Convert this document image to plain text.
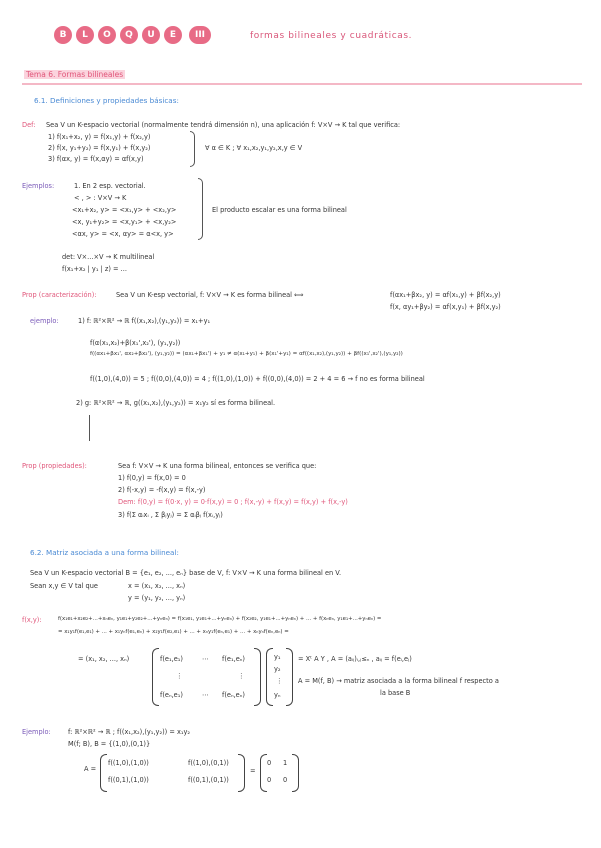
B	L	O	Q	U	E	III	formas bilineales y cuadráticas.
Tema 6. Formas bilineales
6.1. Definiciones y propiedades básicas:
Def: Sea V un K-espacio vectorial (normalmente tendrá dimensión n), una aplicación f: V×V → K tal que verifica:
1) f(x₁+x₂, y) = f(x₁,y) + f(x₂,y)
2) f(x, y₁+y₂) = f(x,y₁) + f(x,y₂)
3) f(αx, y) = f(x,αy) = αf(x,y)
∀ α ∈ K ; ∀ x₁,x₂,y₁,y₂,x,y ∈ V
Ejemplos:	1. En 2 esp. vectorial.
< , > : V×V → K
<x₁+x₂, y> = <x₁,y> + <x₂,y>
<x, y₁+y₂> = <x,y₁> + <x,y₂>
<αx, y> = <x, αy> = α<x, y>
El producto escalar es una forma bilineal
det: V×...×V → K multilineal
f(x₁+x₂ | y₁ | z) = ...
Prop (caracterización):	Sea V un K-esp vectorial, f: V×V → K es forma bilineal ⟺	f(αx₁+βx₂, y) = αf(x₁,y) + βf(x₂,y)
f(x, αy₁+βy₂) = αf(x,y₁) + βf(x,y₂)
ejemplo:	1) f: ℝ²×ℝ² → ℝ f((x₁,x₂),(y₁,y₂)) = x₁+y₁
f(α(x₁,x₂)+β(x₁',x₂'), (y₁,y₂))
f((αx₁+βx₁', αx₂+βx₂'), (y₁,y₂)) = (αx₁+βx₁') + y₁ ≠ α(x₁+y₁) + β(x₁'+y₁) = αf((x₁,x₂),(y₁,y₂)) + βf((x₁',x₂'),(y₁,y₂))
f((1,0),(4,0)) = 5 ; f((0,0),(4,0)) = 4 ; f((1,0),(1,0)) + f((0,0),(4,0)) = 2 + 4 = 6 → f no es forma bilineal
2) g: ℝ²×ℝ² → ℝ, g((x₁,x₂),(y₁,y₂)) = x₁y₂ sí es forma bilineal.
Prop (propiedades):	Sea f: V×V → K una forma bilineal, entonces se verifica que:
1) f(0,y) = f(x,0) = 0
2) f(-x,y) = -f(x,y) = f(x,-y)
Dem: f(0,y) = f(0·x, y) = 0·f(x,y) = 0 ; f(x,-y) + f(x,y) = f(x,y) + f(x,-y)
3) f(Σ αᵢxᵢ , Σ βⱼyⱼ) = Σ αᵢβⱼ f(xᵢ,yⱼ)
6.2. Matriz asociada a una forma bilineal:
Sea V un K-espacio vectorial B = {e₁, e₂, ..., eₙ} base de V, f: V×V → K una forma bilineal en V.
Sean x,y ∈ V tal que	x = (x₁, x₂, ..., xₙ)
y = (y₁, y₂, ..., yₙ)
f(x,y):	f(x₁e₁+x₂e₂+...+xₙeₙ, y₁e₁+y₂e₂+...+yₙeₙ) = f(x₁e₁, y₁e₁+...+yₙeₙ) + f(x₂e₂, y₁e₁+...+yₙeₙ) + ... + f(xₙeₙ, y₁e₁+...+yₙeₙ) =
= x₁y₁f(e₁,e₁) + ... + x₁yₙf(e₁,eₙ) + x₂y₁f(e₂,e₁) + ... + xₙy₁f(eₙ,e₁) + ... + xₙyₙf(eₙ,eₙ) =
= (x₁, x₂, ..., xₙ)	f(e₁,e₁)	⋯ f(e₁,eₙ)
⋮	⋮
f(eₙ,e₁)	⋯ f(eₙ,eₙ)
y₁
y₂
⋮
yₙ
= Xᵗ A Y , A = (aᵢⱼ)ᵢ,ⱼ≤ₙ , aᵢⱼ = f(eᵢ,eⱼ)
A = M(f, B) → matriz asociada a la forma bilineal f respecto a
la base B
Ejemplo:	f: ℝ²×ℝ² → ℝ ; f((x₁,x₂),(y₁,y₂)) = x₁y₂
M(f; B), B = {(1,0),(0,1)}
A =
f((1,0),(1,0))	f((1,0),(0,1))
f((0,1),(1,0))	f((0,1),(0,1))
=
0 1
0 0
